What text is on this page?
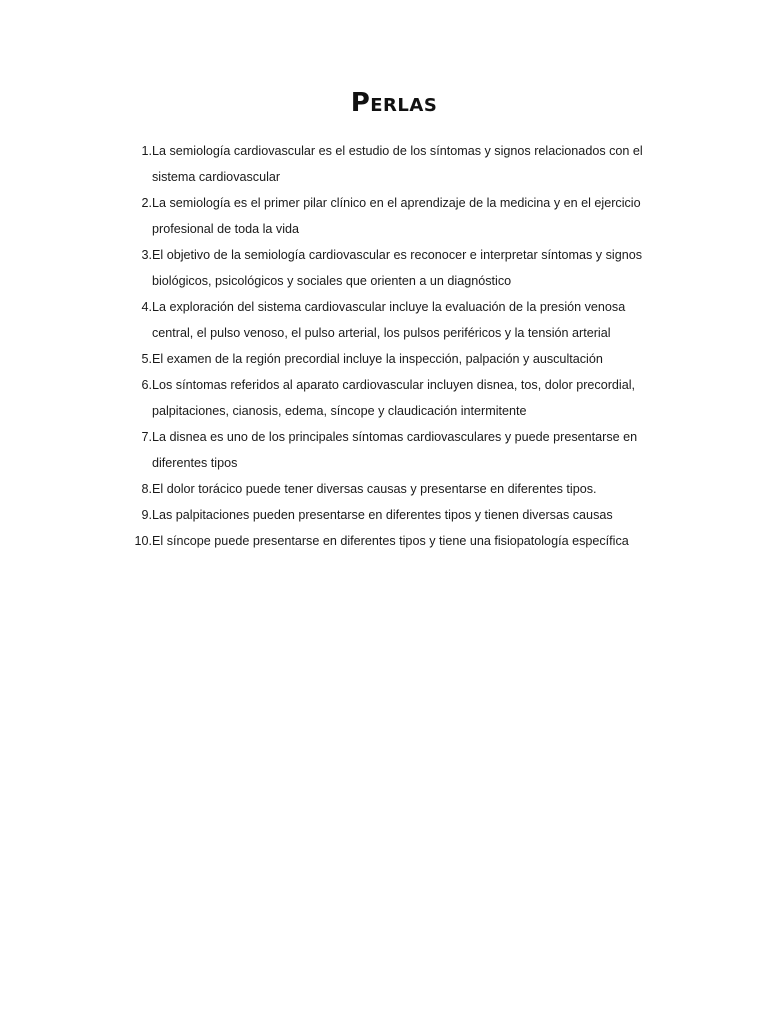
Perlas
1. La semiología cardiovascular es el estudio de los síntomas y signos relacionados con el sistema cardiovascular
2. La semiología es el primer pilar clínico en el aprendizaje de la medicina y en el ejercicio profesional de toda la vida
3. El objetivo de la semiología cardiovascular es reconocer e interpretar síntomas y signos biológicos, psicológicos y sociales que orienten a un diagnóstico
4. La exploración del sistema cardiovascular incluye la evaluación de la presión venosa central, el pulso venoso, el pulso arterial, los pulsos periféricos y la tensión arterial
5. El examen de la región precordial incluye la inspección, palpación y auscultación
6. Los síntomas referidos al aparato cardiovascular incluyen disnea, tos, dolor precordial, palpitaciones, cianosis, edema, síncope y claudicación intermitente
7. La disnea es uno de los principales síntomas cardiovasculares y puede presentarse en diferentes tipos
8. El dolor torácico puede tener diversas causas y presentarse en diferentes tipos.
9. Las palpitaciones pueden presentarse en diferentes tipos y tienen diversas causas
10. El síncope puede presentarse en diferentes tipos y tiene una fisiopatología específica
